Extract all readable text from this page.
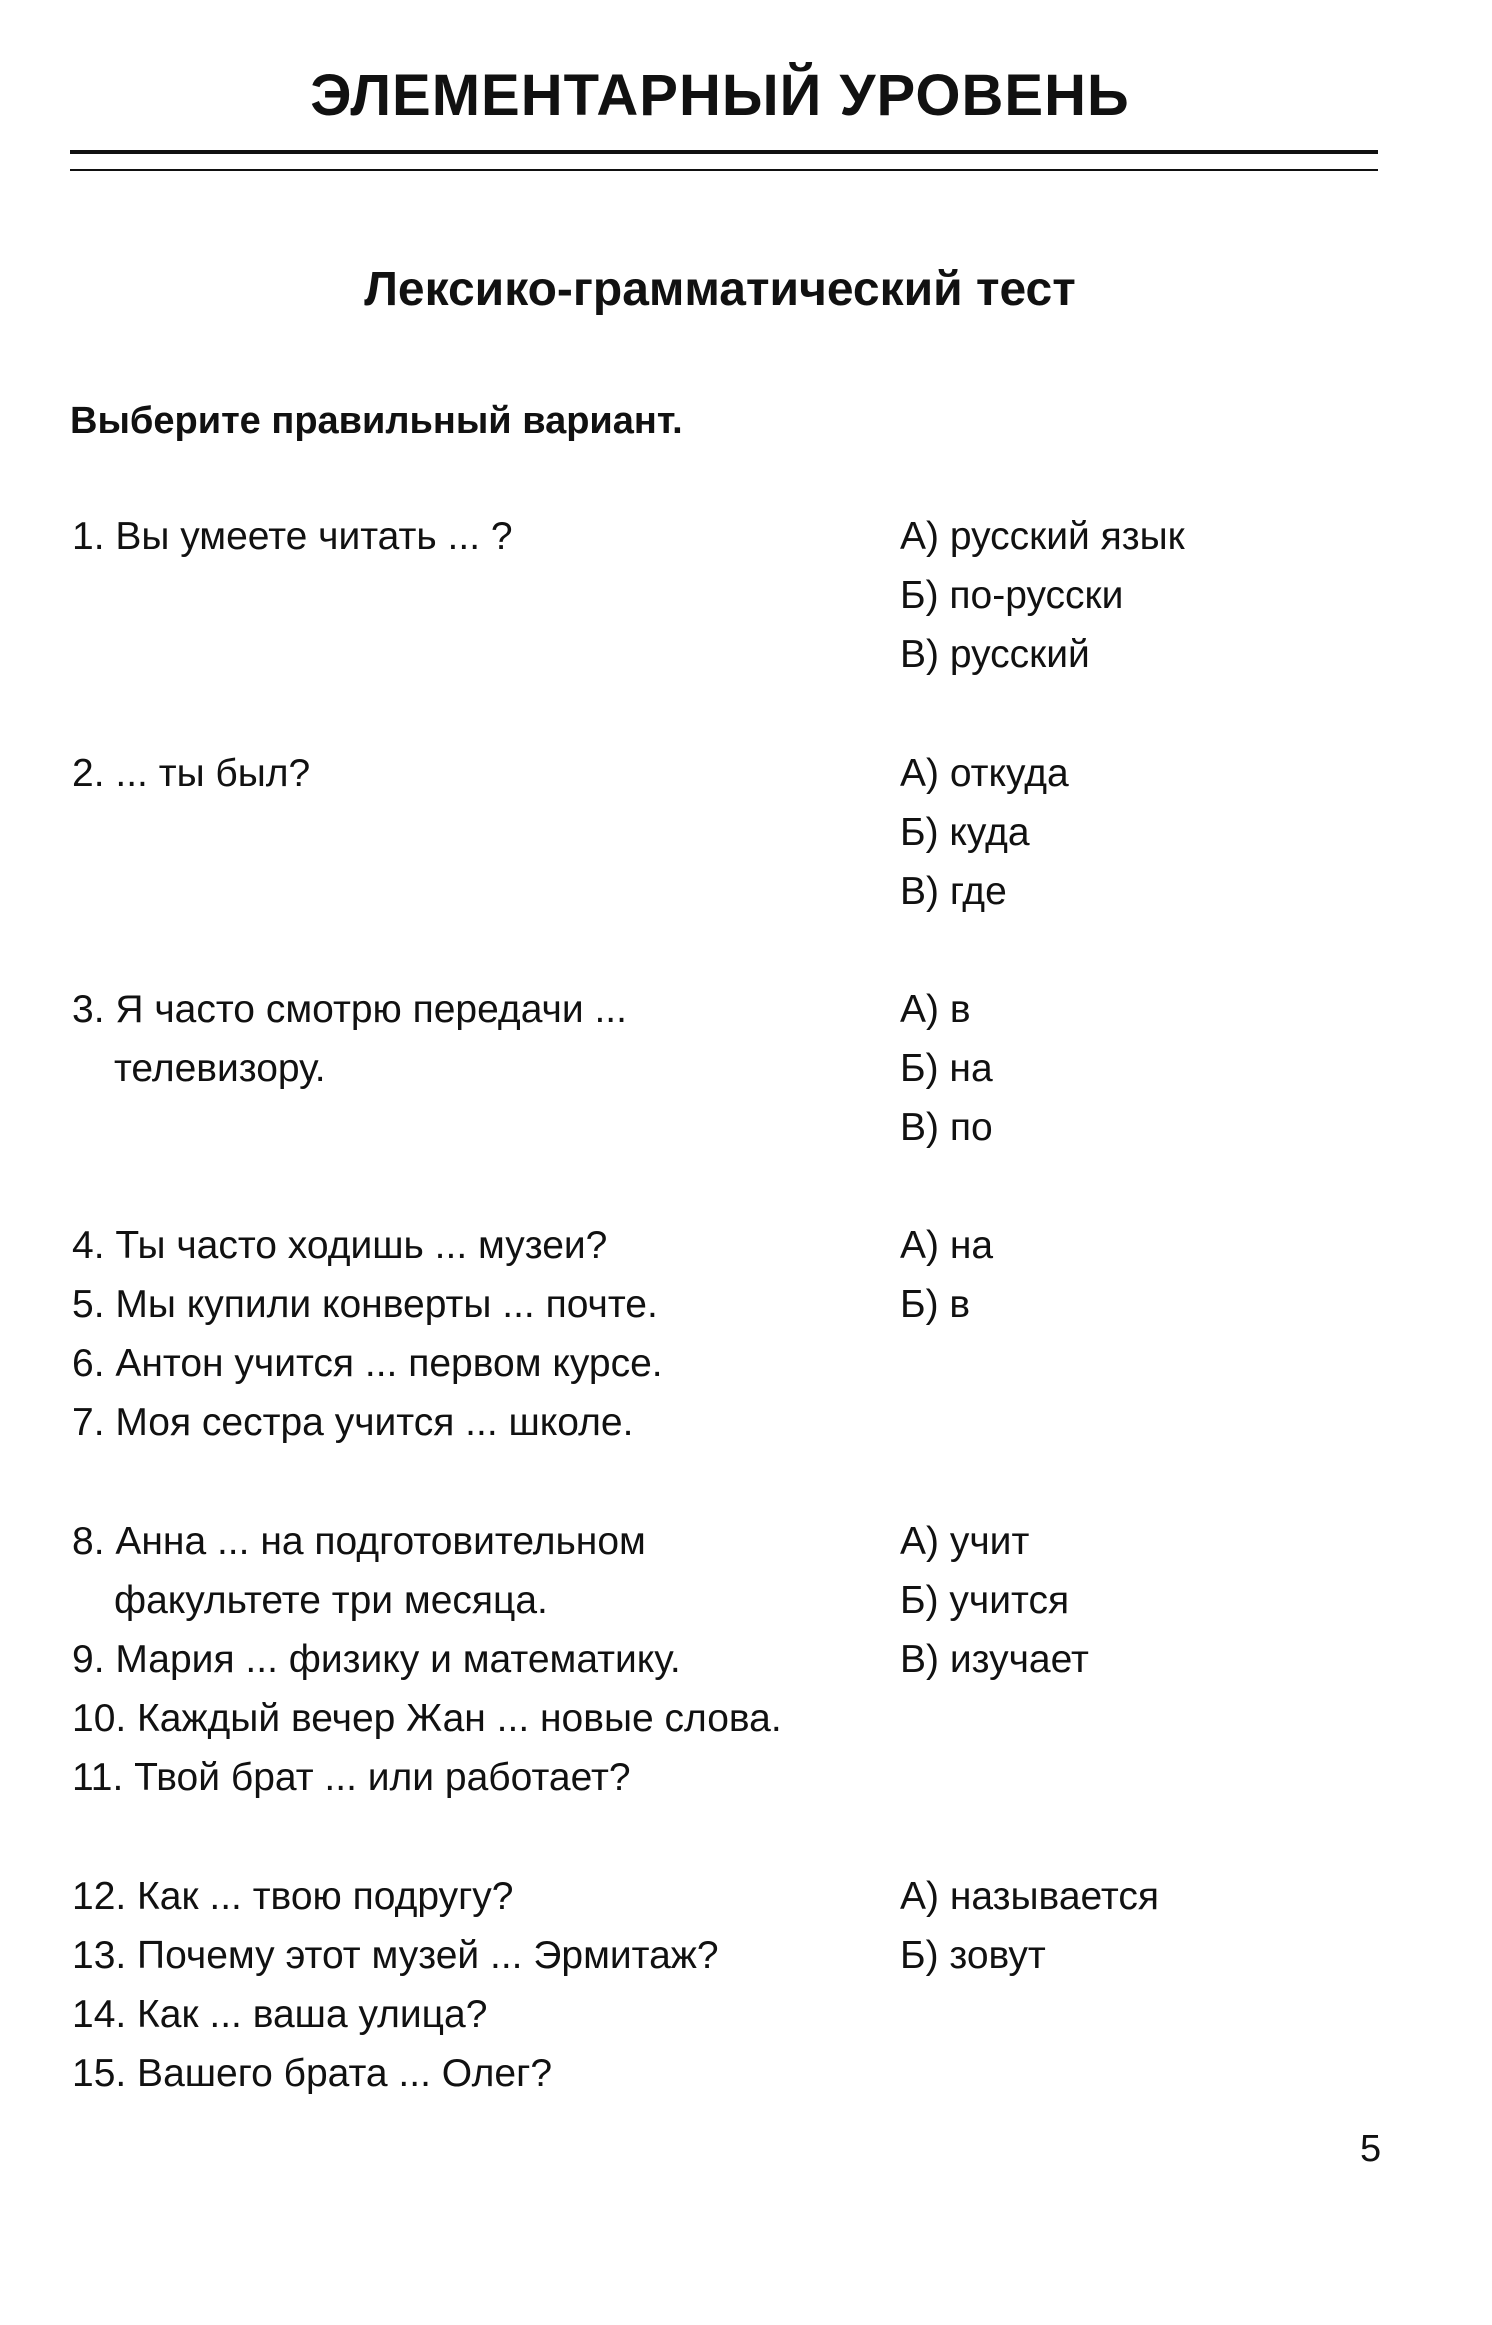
ЭЛЕМЕНТАРНЫЙ УРОВЕНЬ
Лексико-грамматический тест
Выберите правильный вариант.
1. Вы умеете читать ... ?	А) русский язык
Б) по-русски
В) русский
2. ... ты был?	А) откуда
Б) куда
В) где
3. Я часто смотрю передачи ...
телевизору.
А) в
Б) на
В) по
4. Ты часто ходишь ... музеи?
5. Мы купили конверты ... почте.
6. Антон учится ... первом курсе.
7. Моя сестра учится ... школе.
А) на
Б) в
8. Анна ... на подготовительном
факультете три месяца.
9. Мария ... физику и математику.
10. Каждый вечер Жан ... новые слова.
11. Твой брат ... или работает?
А) учит
Б) учится
В) изучает
12. Как ... твою подругу?
13. Почему этот музей ... Эрмитаж?
14. Как ... ваша улица?
15. Вашего брата ... Олег?
А) называется
Б) зовут
5
